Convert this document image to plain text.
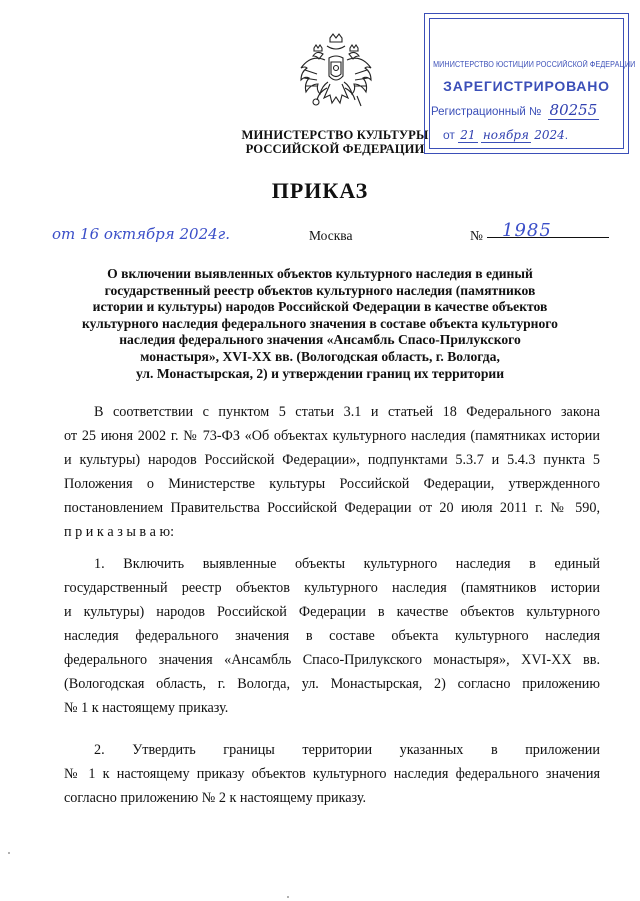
МИНИСТЕРСТВО КУЛЬТУРЫ
РОССИЙСКОЙ ФЕДЕРАЦИИ
МИНИСТЕРСТВО ЮСТИЦИИ РОССИЙСКОЙ ФЕДЕРАЦИИ
ЗАРЕГИСТРИРОВАНО
Регистрационный № 80255
от 21 ноября 2024.
ПРИКАЗ
от 16 октября 2024г.	Москва	№ 1985
О включении выявленных объектов культурного наследия в единый
государственный реестр объектов культурного наследия (памятников
истории и культуры) народов Российской Федерации в качестве объектов
культурного наследия федерального значения в составе объекта культурного
наследия федерального значения «Ансамбль Спасо-Прилукского
монастыря», XVI-XX вв. (Вологодская область, г. Вологда,
ул. Монастырская, 2) и утверждении границ их территории
В соответствии с пунктом 5 статьи 3.1 и статьей 18 Федерального закона
от 25 июня 2002 г. № 73-ФЗ «Об объектах культурного наследия (памятниках истории
и культуры) народов Российской Федерации», подпунктами 5.3.7 и 5.4.3 пункта 5
Положения о Министерстве культуры Российской Федерации, утвержденного
постановлением Правительства Российской Федерации от 20 июля 2011 г. № 590,
п р и к а з ы в а ю:
1. Включить выявленные объекты культурного наследия в единый
государственный реестр объектов культурного наследия (памятников истории
и культуры) народов Российской Федерации в качестве объектов культурного
наследия федерального значения в составе объекта культурного наследия
федерального значения «Ансамбль Спасо-Прилукского монастыря», XVI-XX вв.
(Вологодская область, г. Вологда, ул. Монастырская, 2) согласно приложению
№ 1 к настоящему приказу.
2. Утвердить границы территории указанных в приложении
№ 1 к настоящему приказу объектов культурного наследия федерального значения
согласно приложению № 2 к настоящему приказу.
